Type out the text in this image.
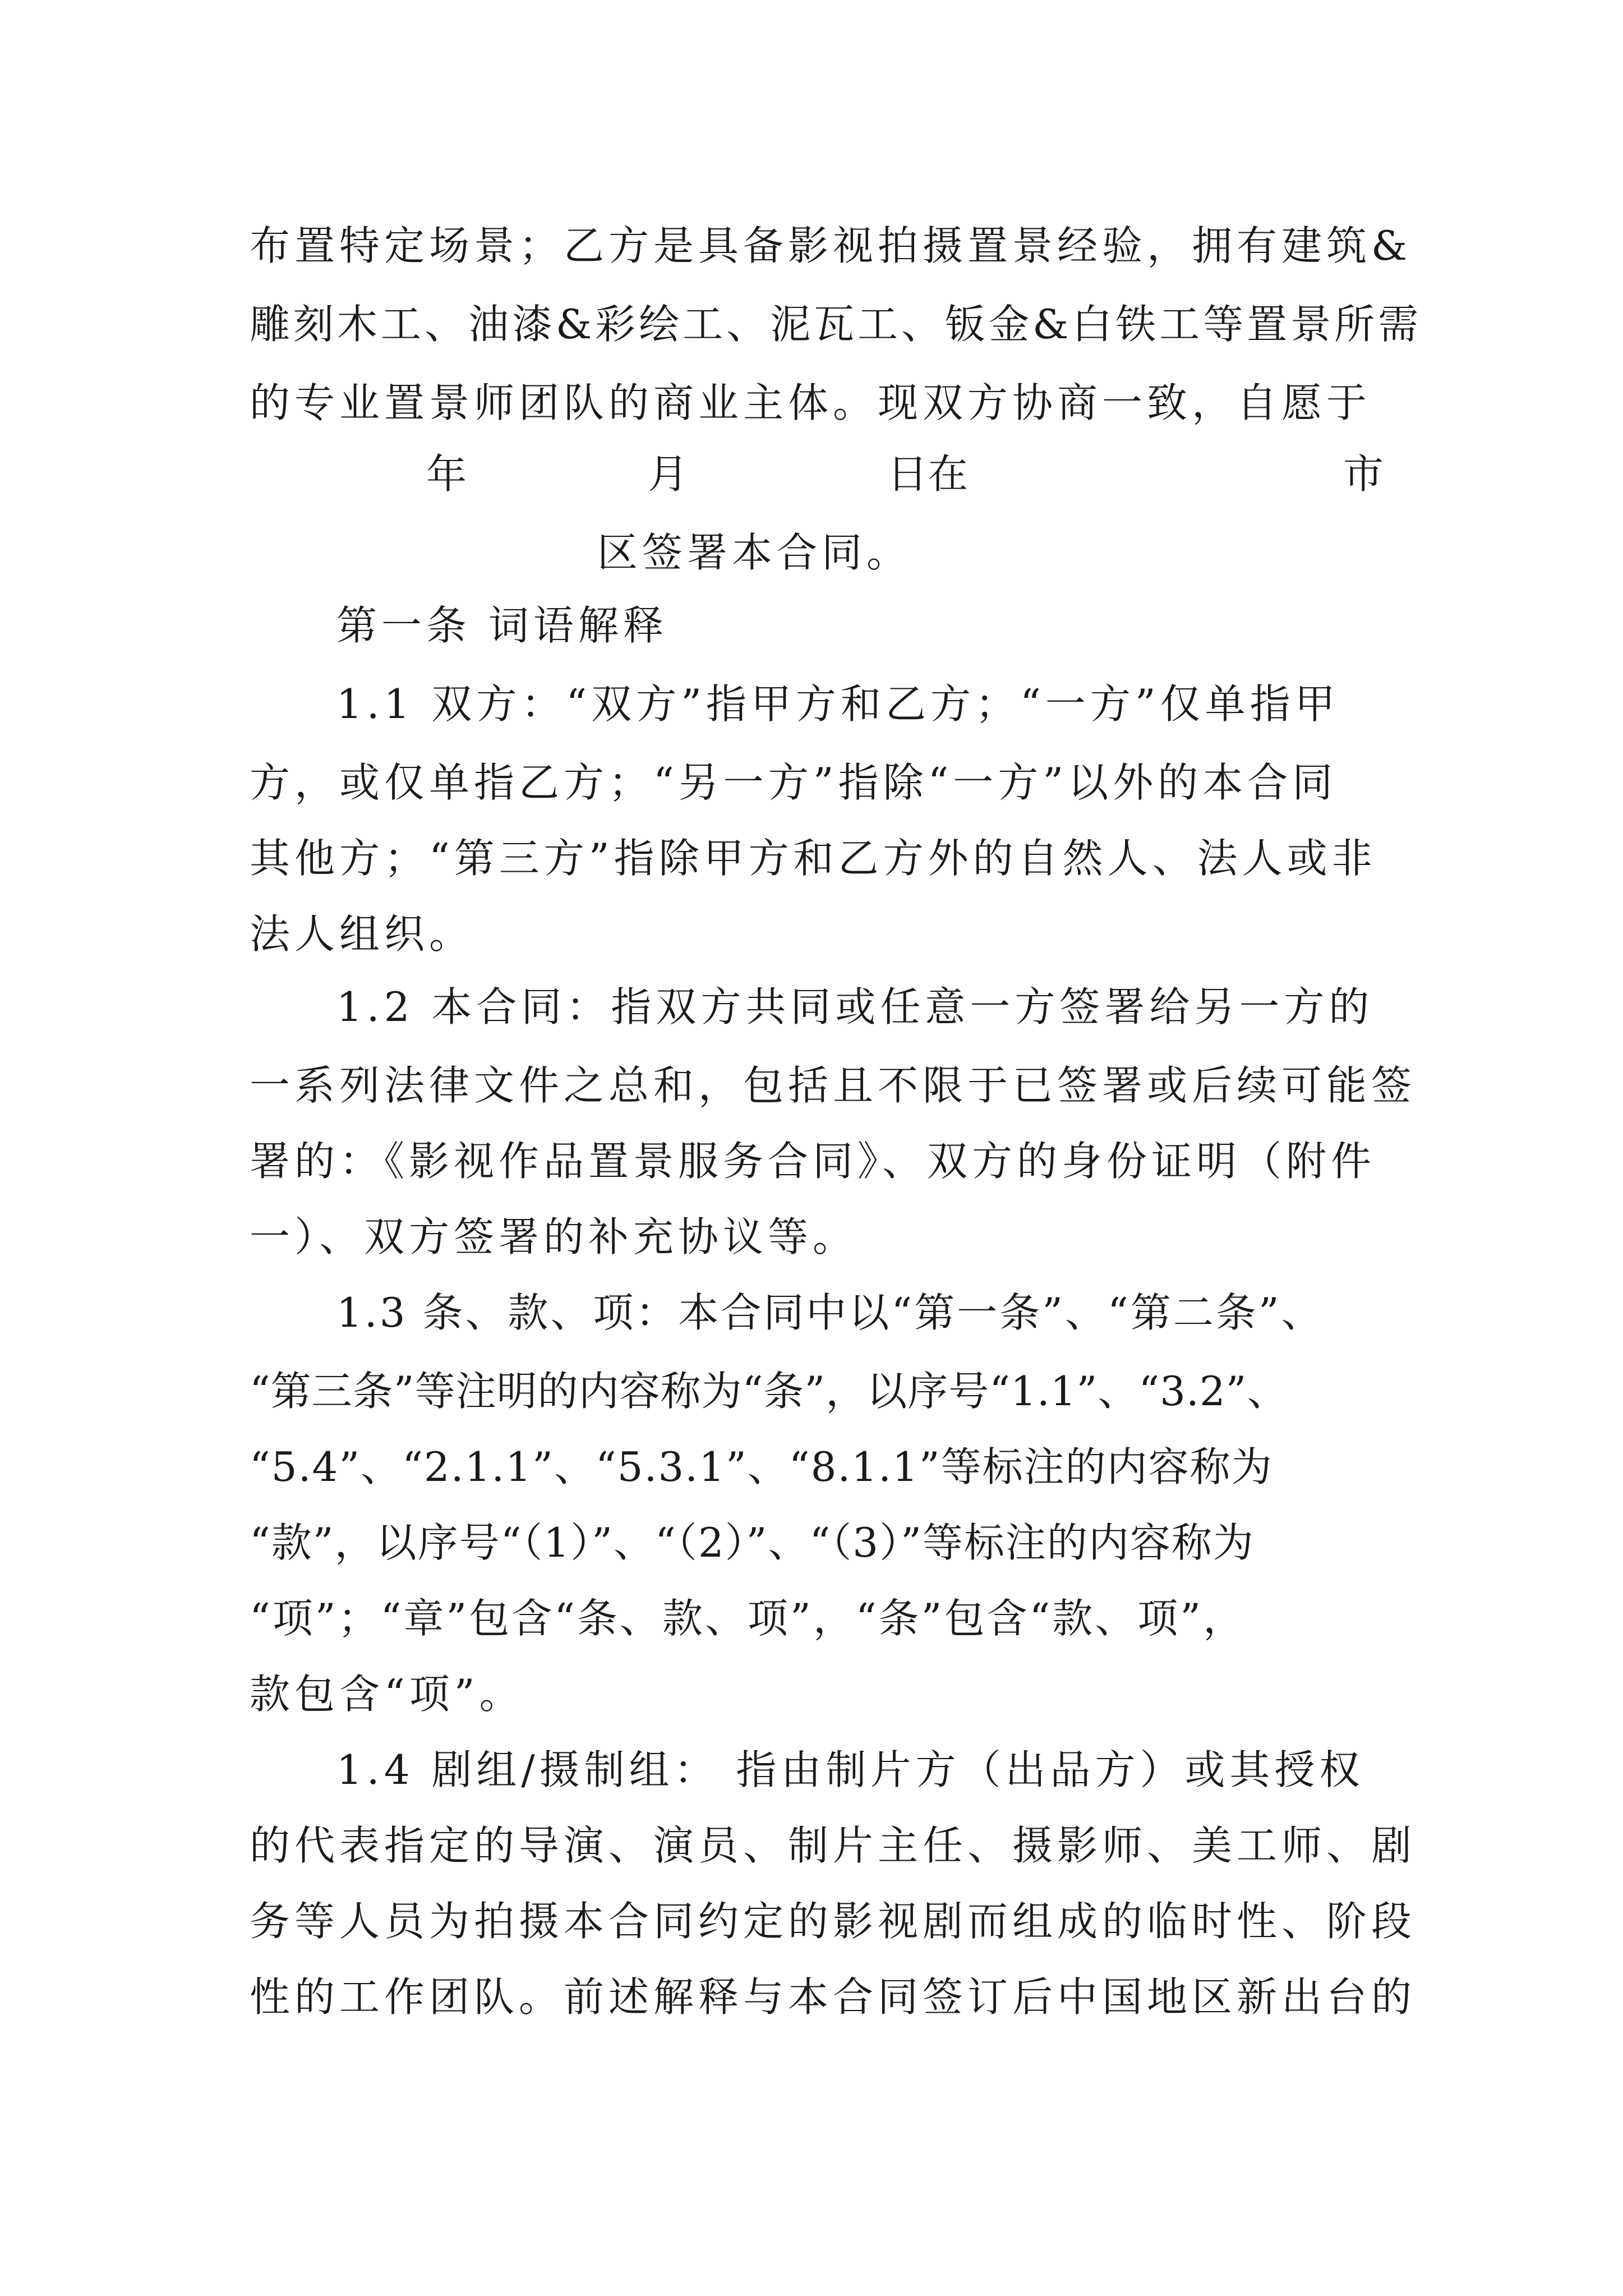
布置特定场景；乙方是具备影视拍摄置景经验，拥有建筑&
雕刻木工、油漆&彩绘工、泥瓦工、钣金&白铁工等置景所需
的专业置景师团队的商业主体。现双方协商一致，自愿于
年	月	日在	市
区签署本合同。
第一条 词语解释
1.1 双方：“双方”指甲方和乙方；“一方”仅单指甲
方，或仅单指乙方；“另一方”指除“一方”以外的本合同
其他方；“第三方”指除甲方和乙方外的自然人、法人或非
法人组织。
1.2 本合同：指双方共同或任意一方签署给另一方的
一系列法律文件之总和，包括且不限于已签署或后续可能签
署的：《影视作品置景服务合同》、双方的身份证明（附件
一）、双方签署的补充协议等。
1.3 条、款、项：本合同中以“第一条”、“第二条”、
“第三条”等注明的内容称为“条”，以序号“1.1”、“3.2”、
“5.4”、“2.1.1”、“5.3.1”、“8.1.1”等标注的内容称为
“款”，以序号“（1）”、“（2）”、“（3）”等标注的内容称为
“项”；“章”包含“条、款、项”，“条”包含“款、项”，
款包含“项”。
1.4 剧组/摄制组： 指由制片方（出品方）或其授权
的代表指定的导演、演员、制片主任、摄影师、美工师、剧
务等人员为拍摄本合同约定的影视剧而组成的临时性、阶段
性的工作团队。前述解释与本合同签订后中国地区新出台的
